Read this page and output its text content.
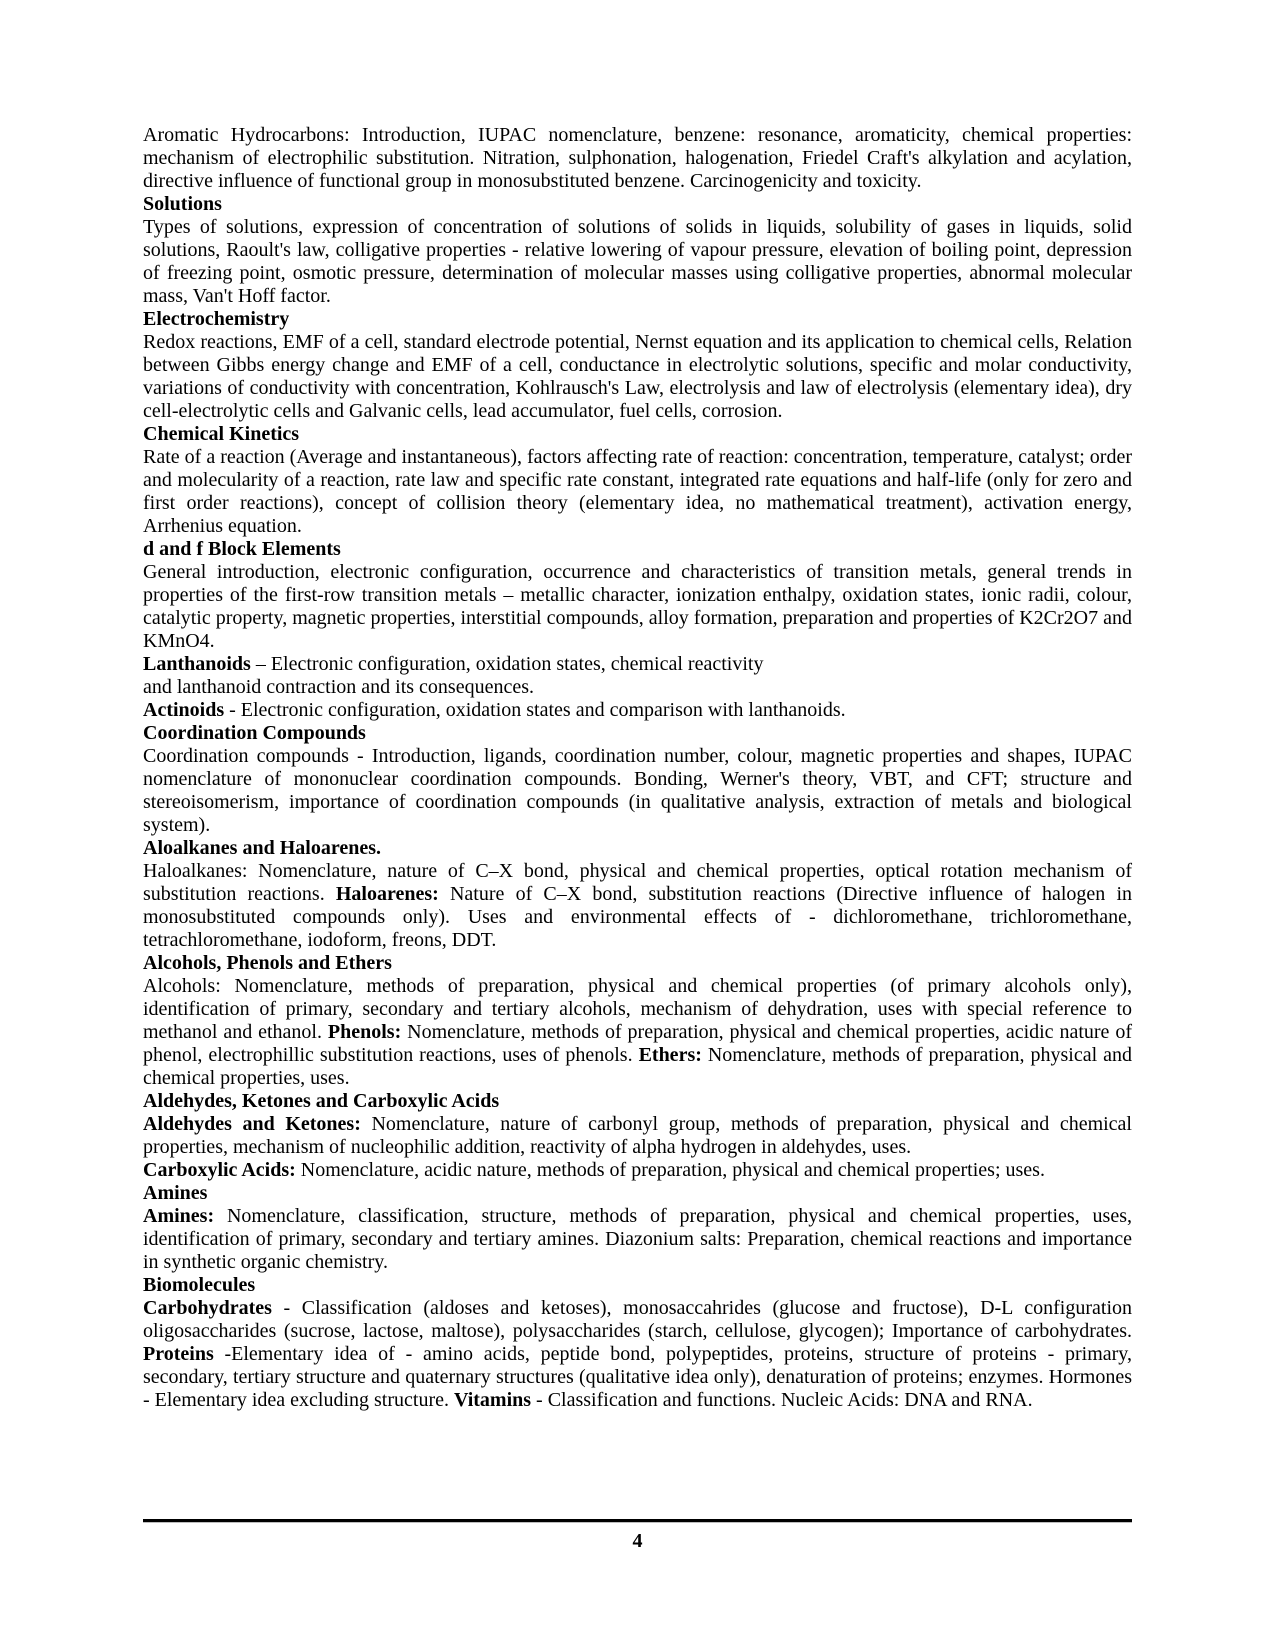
Aromatic Hydrocarbons: Introduction, IUPAC nomenclature, benzene: resonance, aromaticity, chemical properties: mechanism of electrophilic substitution. Nitration, sulphonation, halogenation, Friedel Craft's alkylation and acylation, directive influence of functional group in monosubstituted benzene. Carcinogenicity and toxicity.

Solutions

Types of solutions, expression of concentration of solutions of solids in liquids, solubility of gases in liquids, solid solutions, Raoult's law, colligative properties - relative lowering of vapour pressure, elevation of boiling point, depression of freezing point, osmotic pressure, determination of molecular masses using colligative properties, abnormal molecular mass, Van't Hoff factor.

Electrochemistry

Redox reactions, EMF of a cell, standard electrode potential, Nernst equation and its application to chemical cells, Relation between Gibbs energy change and EMF of a cell, conductance in electrolytic solutions, specific and molar conductivity, variations of conductivity with concentration, Kohlrausch's Law, electrolysis and law of electrolysis (elementary idea), dry cell-electrolytic cells and Galvanic cells, lead accumulator, fuel cells, corrosion.

Chemical Kinetics

Rate of a reaction (Average and instantaneous), factors affecting rate of reaction: concentration, temperature, catalyst; order and molecularity of a reaction, rate law and specific rate constant, integrated rate equations and half-life (only for zero and first order reactions), concept of collision theory (elementary idea, no mathematical treatment), activation energy, Arrhenius equation.

d and f Block Elements

General introduction, electronic configuration, occurrence and characteristics of transition metals, general trends in properties of the first-row transition metals – metallic character, ionization enthalpy, oxidation states, ionic radii, colour, catalytic property, magnetic properties, interstitial compounds, alloy formation, preparation and properties of K2Cr2O7 and KMnO4.

Lanthanoids – Electronic configuration, oxidation states, chemical reactivity

and lanthanoid contraction and its consequences.

Actinoids - Electronic configuration, oxidation states and comparison with lanthanoids.

Coordination Compounds

Coordination compounds - Introduction, ligands, coordination number, colour, magnetic properties and shapes, IUPAC nomenclature of mononuclear coordination compounds. Bonding, Werner's theory, VBT, and CFT; structure and stereoisomerism, importance of coordination compounds (in qualitative analysis, extraction of metals and biological system).

Aloalkanes and Haloarenes.

Haloalkanes: Nomenclature, nature of C–X bond, physical and chemical properties, optical rotation mechanism of substitution reactions. Haloarenes: Nature of C–X bond, substitution reactions (Directive influence of halogen in monosubstituted compounds only). Uses and environmental effects of - dichloromethane, trichloromethane, tetrachloromethane, iodoform, freons, DDT.

Alcohols, Phenols and Ethers

Alcohols: Nomenclature, methods of preparation, physical and chemical properties (of primary alcohols only), identification of primary, secondary and tertiary alcohols, mechanism of dehydration, uses with special reference to methanol and ethanol. Phenols: Nomenclature, methods of preparation, physical and chemical properties, acidic nature of phenol, electrophillic substitution reactions, uses of phenols. Ethers: Nomenclature, methods of preparation, physical and chemical properties, uses.

Aldehydes, Ketones and Carboxylic Acids

Aldehydes and Ketones: Nomenclature, nature of carbonyl group, methods of preparation, physical and chemical properties, mechanism of nucleophilic addition, reactivity of alpha hydrogen in aldehydes, uses.

Carboxylic Acids: Nomenclature, acidic nature, methods of preparation, physical and chemical properties; uses.

Amines

Amines: Nomenclature, classification, structure, methods of preparation, physical and chemical properties, uses, identification of primary, secondary and tertiary amines. Diazonium salts: Preparation, chemical reactions and importance in synthetic organic chemistry.

Biomolecules

Carbohydrates - Classification (aldoses and ketoses), monosaccahrides (glucose and fructose), D-L configuration oligosaccharides (sucrose, lactose, maltose), polysaccharides (starch, cellulose, glycogen); Importance of carbohydrates. Proteins -Elementary idea of - amino acids, peptide bond, polypeptides, proteins, structure of proteins - primary, secondary, tertiary structure and quaternary structures (qualitative idea only), denaturation of proteins; enzymes. Hormones - Elementary idea excluding structure. Vitamins - Classification and functions. Nucleic Acids: DNA and RNA.

4
